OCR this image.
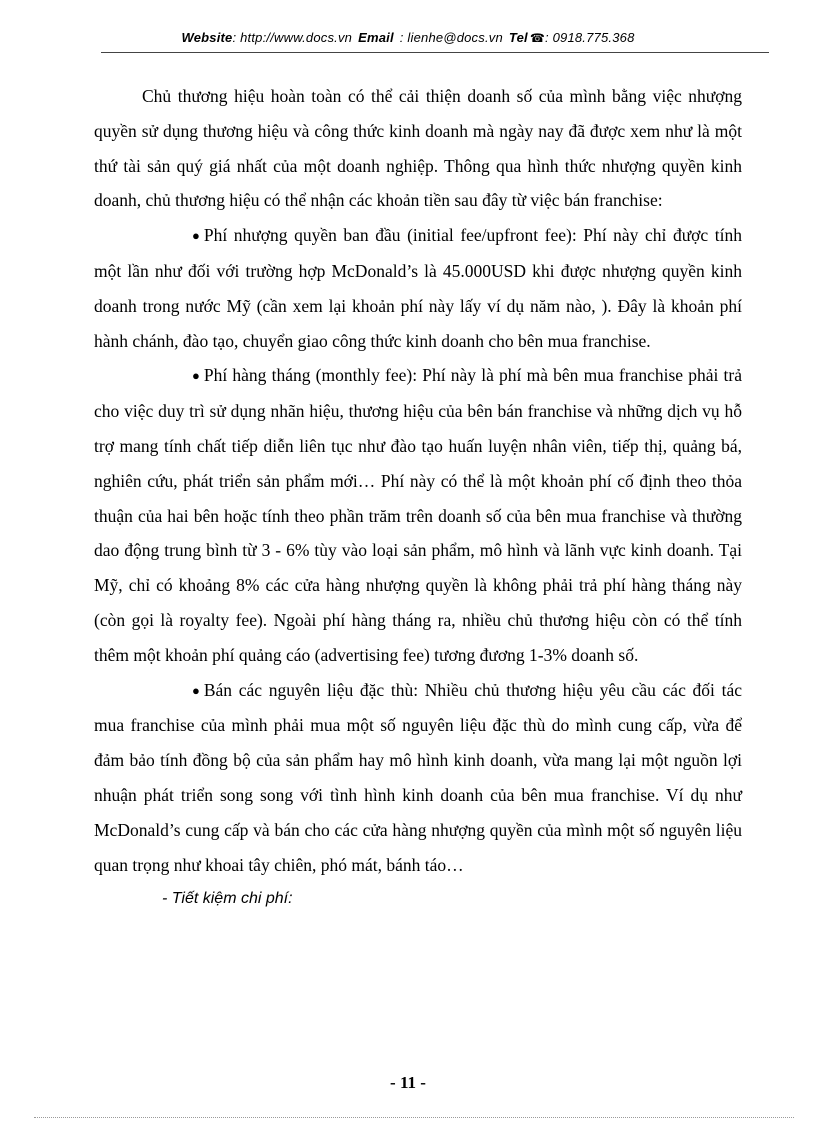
Website: http://www.docs.vn Email : lienhe@docs.vn Tel ☎: 0918.775.368

Chủ thương hiệu hoàn toàn có thể cải thiện doanh số của mình bằng việc nhượng quyền sử dụng thương hiệu và công thức kinh doanh mà ngày nay đã được xem như là một thứ tài sản quý giá nhất của một doanh nghiệp. Thông qua hình thức nhượng quyền kinh doanh, chủ thương hiệu có thể nhận các khoản tiền sau đây từ việc bán franchise:

● Phí nhượng quyền ban đầu (initial fee/upfront fee): Phí này chỉ được tính một lần như đối với trường hợp McDonald’s là 45.000USD khi được nhượng quyền kinh doanh trong nước Mỹ (cần xem lại khoản phí này lấy ví dụ năm nào, ). Đây là khoản phí hành chánh, đào tạo, chuyển giao công thức kinh doanh cho bên mua franchise.

● Phí hàng tháng (monthly fee): Phí này là phí mà bên mua franchise phải trả cho việc duy trì sử dụng nhãn hiệu, thương hiệu của bên bán franchise và những dịch vụ hỗ trợ mang tính chất tiếp diễn liên tục như đào tạo huấn luyện nhân viên, tiếp thị, quảng bá, nghiên cứu, phát triển sản phẩm mới… Phí này có thể là một khoản phí cố định theo thỏa thuận của hai bên hoặc tính theo phần trăm trên doanh số của bên mua franchise và thường dao động trung bình từ 3 - 6% tùy vào loại sản phẩm, mô hình và lãnh vực kinh doanh. Tại Mỹ, chỉ có khoảng 8% các cửa hàng nhượng quyền là không phải trả phí hàng tháng này (còn gọi là royalty fee). Ngoài phí hàng tháng ra, nhiều chủ thương hiệu còn có thể tính thêm một khoản phí quảng cáo (advertising fee) tương đương 1-3% doanh số.

● Bán các nguyên liệu đặc thù: Nhiều chủ thương hiệu yêu cầu các đối tác mua franchise của mình phải mua một số nguyên liệu đặc thù do mình cung cấp, vừa để đảm bảo tính đồng bộ của sản phẩm hay mô hình kinh doanh, vừa mang lại một nguồn lợi nhuận phát triển song song với tình hình kinh doanh của bên mua franchise. Ví dụ như McDonald’s cung cấp và bán cho các cửa hàng nhượng quyền của mình một số nguyên liệu quan trọng như khoai tây chiên, phó mát, bánh táo…

- Tiết kiệm chi phí:

- 11 -
